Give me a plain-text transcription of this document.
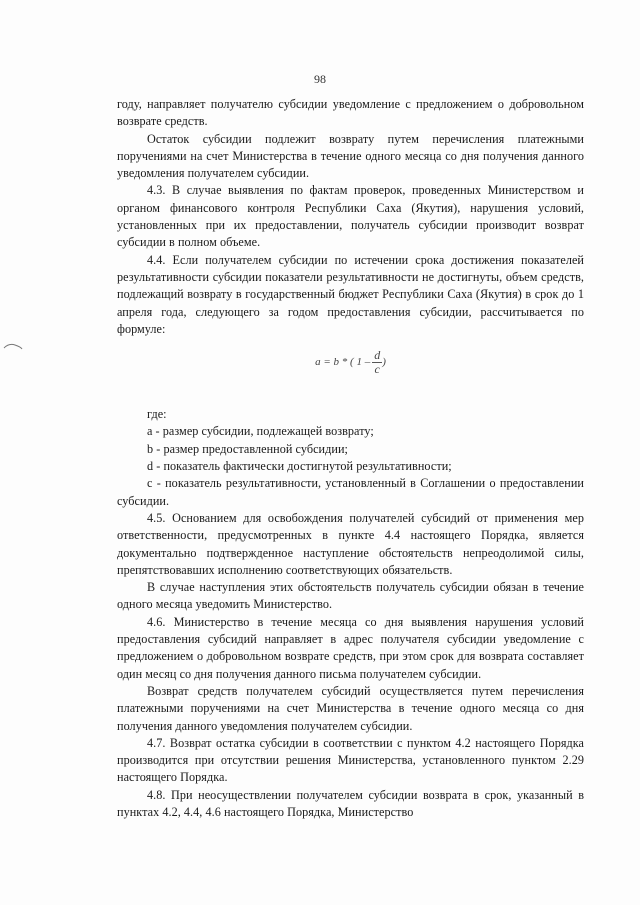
98

году, направляет получателю субсидии уведомление с предложением о добровольном возврате средств.

Остаток субсидии подлежит возврату путем перечисления платежными поручениями на счет Министерства в течение одного месяца со дня получения данного уведомления получателем субсидии.

4.3. В случае выявления по фактам проверок, проведенных Министерством и органом финансового контроля Республики Саха (Якутия), нарушения условий, установленных при их предоставлении, получатель субсидии производит возврат субсидии в полном объеме.

4.4. Если получателем субсидии по истечении срока достижения показателей результативности субсидии показатели результативности не достигнуты, объем средств, подлежащий возврату в государственный бюджет Республики Саха (Якутия) в срок до 1 апреля года, следующего за годом предоставления субсидии, рассчитывается по формуле:

a = b * ( $1 - \frac{d}{c}$ )

где:

a - размер субсидии, подлежащей возврату;

b - размер предоставленной субсидии;

d - показатель фактически достигнутой результативности;

с - показатель результативности, установленный в Соглашении о предоставлении субсидии.

4.5. Основанием для освобождения получателей субсидий от применения мер ответственности, предусмотренных в пункте 4.4 настоящего Порядка, является документально подтвержденное наступление обстоятельств непреодолимой силы, препятствовавших исполнению соответствующих обязательств.

В случае наступления этих обстоятельств получатель субсидии обязан в течение одного месяца уведомить Министерство.

4.6. Министерство в течение месяца со дня выявления нарушения условий предоставления субсидий направляет в адрес получателя субсидии уведомление с предложением о добровольном возврате средств, при этом срок для возврата составляет один месяц со дня получения данного письма получателем субсидии.

Возврат средств получателем субсидий осуществляется путем перечисления платежными поручениями на счет Министерства в течение одного месяца со дня получения данного уведомления получателем субсидии.

4.7. Возврат остатка субсидии в соответствии с пунктом 4.2 настоящего Порядка производится при отсутствии решения Министерства, установленного пунктом 2.29 настоящего Порядка.

4.8. При неосуществлении получателем субсидии возврата в срок, указанный в пунктах 4.2, 4.4, 4.6 настоящего Порядка, Министерство
